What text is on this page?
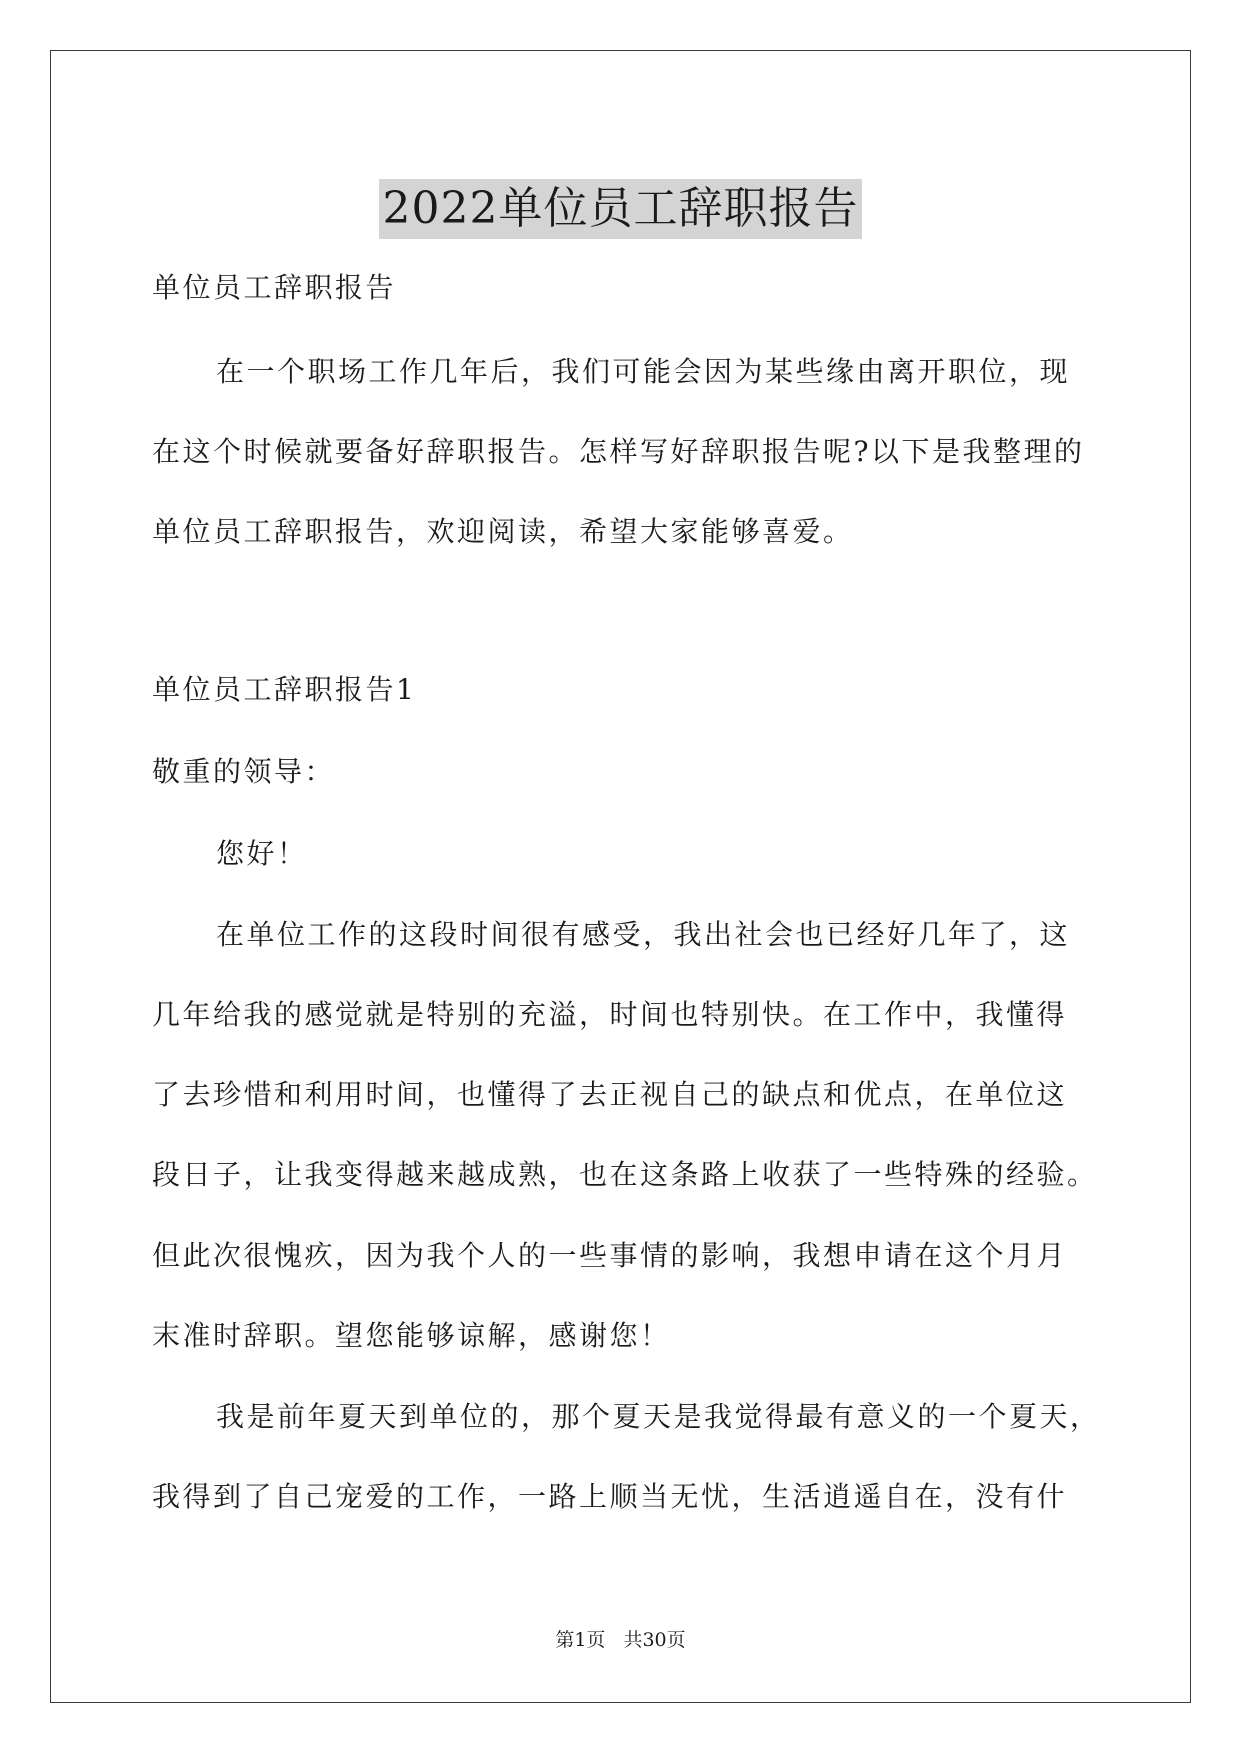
2022单位员工辞职报告
单位员工辞职报告
在一个职场工作几年后，我们可能会因为某些缘由离开职位，现
在这个时候就要备好辞职报告。怎样写好辞职报告呢?以下是我整理的
单位员工辞职报告，欢迎阅读，希望大家能够喜爱。
单位员工辞职报告1
敬重的领导：
您好！
在单位工作的这段时间很有感受，我出社会也已经好几年了，这
几年给我的感觉就是特别的充溢，时间也特别快。在工作中，我懂得
了去珍惜和利用时间，也懂得了去正视自己的缺点和优点，在单位这
段日子，让我变得越来越成熟，也在这条路上收获了一些特殊的经验。
但此次很愧疚，因为我个人的一些事情的影响，我想申请在这个月月
末准时辞职。望您能够谅解，感谢您！
我是前年夏天到单位的，那个夏天是我觉得最有意义的一个夏天，
我得到了自己宠爱的工作，一路上顺当无忧，生活逍遥自在，没有什
第1页 共30页
